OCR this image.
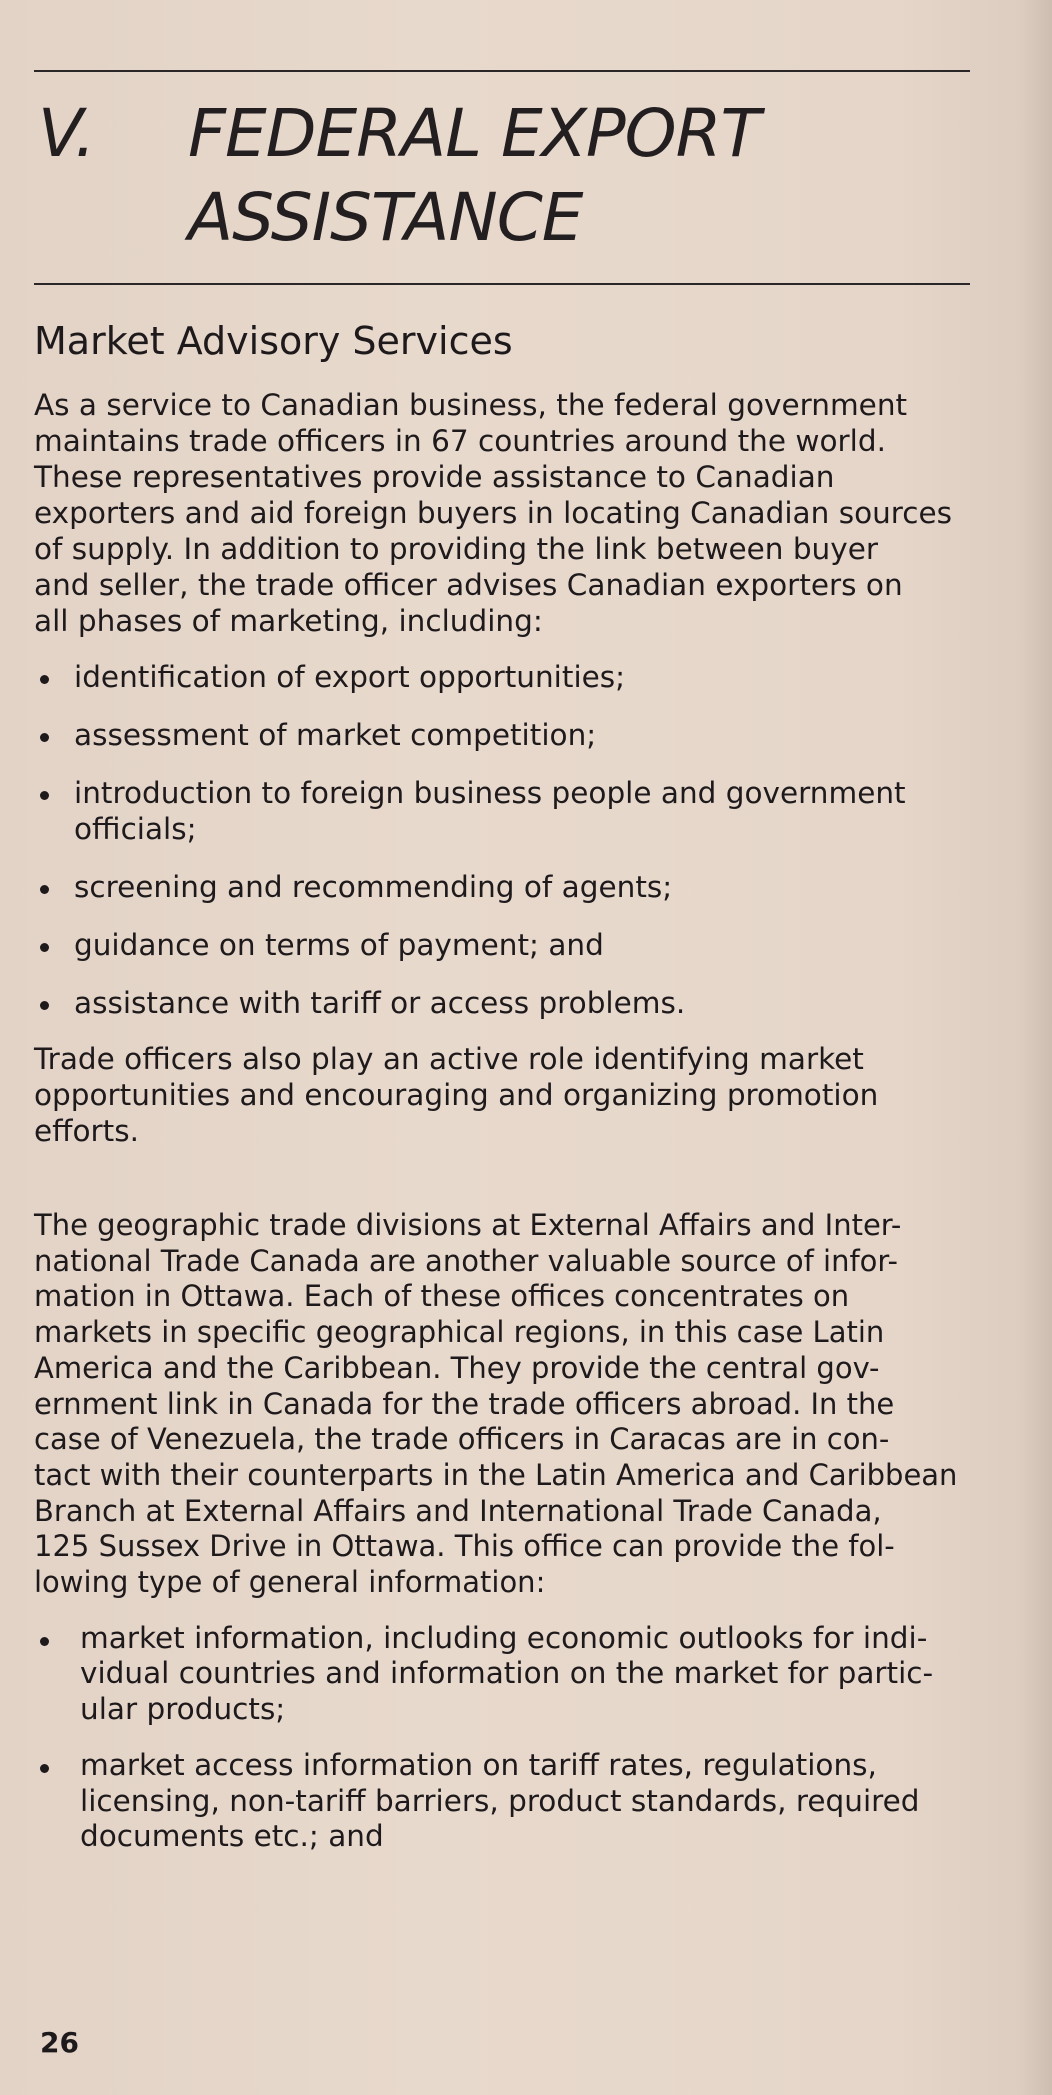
V.	FEDERAL EXPORT
ASSISTANCE
Market Advisory Services

As a service to Canadian business, the federal government
maintains trade officers in 67 countries around the world.
These representatives provide assistance to Canadian
exporters and aid foreign buyers in locating Canadian sources
of supply. In addition to providing the link between buyer
and seller, the trade officer advises Canadian exporters on
all phases of marketing, including:

identification of export opportunities;
assessment of market competition;
introduction to foreign business people and government
officials;
screening and recommending of agents;
guidance on terms of payment; and
assistance with tariff or access problems.

Trade officers also play an active role identifying market
opportunities and encouraging and organizing promotion
efforts.

The geographic trade divisions at External Affairs and Inter-
national Trade Canada are another valuable source of infor-
mation in Ottawa. Each of these offices concentrates on
markets in specific geographical regions, in this case Latin
America and the Caribbean. They provide the central gov-
ernment link in Canada for the trade officers abroad. In the
case of Venezuela, the trade officers in Caracas are in con-
tact with their counterparts in the Latin America and Caribbean
Branch at External Affairs and International Trade Canada,
125 Sussex Drive in Ottawa. This office can provide the fol-
lowing type of general information:

market information, including economic outlooks for indi-
vidual countries and information on the market for partic-
ular products;
market access information on tariff rates, regulations,
licensing, non-tariff barriers, product standards, required
documents etc.; and
26
